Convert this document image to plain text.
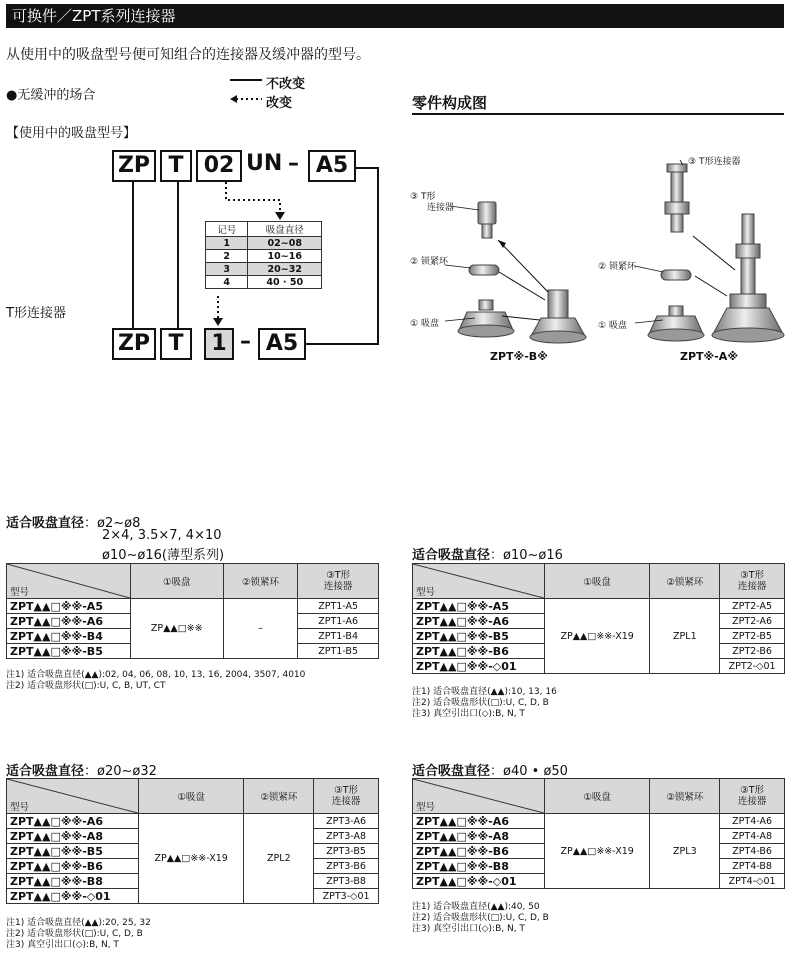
可换件／ZPT系列连接器
从使用中的吸盘型号便可知组合的连接器及缓冲器的型号。
●无缓冲的场合
不改变
改变	零件构成图
【使用中的吸盘型号】
ZP T 02 UN – A5
记号	吸盘直径
1	02~08
2	10~16
3	20~32
4	40 · 50
T形连接器
ZP T	1 – A5
③ T形
连接器
② 锁紧环
① 吸盘
ZPT※-B※
③ T形连接器
② 锁紧环
① 吸盘
ZPT※-A※
适合吸盘直径：ø2~ø8
2×4, 3.5×7, 4×10
ø10~ø16(薄型系列)
型号	①吸盘	②锁紧环	③T形
连接器
ZPT▲▲□※※-A5	ZP▲▲□※※	–	ZPT1-A5
ZPT▲▲□※※-A6			ZPT1-A6
ZPT▲▲□※※-B4			ZPT1-B4
ZPT▲▲□※※-B5			ZPT1-B5
注1) 适合吸盘直径(▲▲):02, 04, 06, 08, 10, 13, 16, 2004, 3507, 4010
注2) 适合吸盘形状(□):U, C, B, UT, CT
适合吸盘直径：ø10~ø16
型号	①吸盘	②锁紧环	③T形
连接器
ZPT▲▲□※※-A5	ZP▲▲□※※-X19	ZPL1	ZPT2-A5
ZPT▲▲□※※-A6			ZPT2-A6
ZPT▲▲□※※-B5			ZPT2-B5
ZPT▲▲□※※-B6			ZPT2-B6
ZPT▲▲□※※-◇01			ZPT2-◇01
注1) 适合吸盘直径(▲▲):10, 13, 16
注2) 适合吸盘形状(□):U, C, D, B
注3) 真空引出口(◇):B, N, T
适合吸盘直径：ø20~ø32
型号	①吸盘	②锁紧环	③T形
连接器
ZPT▲▲□※※-A6	ZP▲▲□※※-X19	ZPL2	ZPT3-A6
ZPT▲▲□※※-A8			ZPT3-A8
ZPT▲▲□※※-B5			ZPT3-B5
ZPT▲▲□※※-B6			ZPT3-B6
ZPT▲▲□※※-B8			ZPT3-B8
ZPT▲▲□※※-◇01			ZPT3-◇01
注1) 适合吸盘直径(▲▲):20, 25, 32
注2) 适合吸盘形状(□):U, C, D, B
注3) 真空引出口(◇):B, N, T
适合吸盘直径：ø40 • ø50
型号	①吸盘	②锁紧环	③T形
连接器
ZPT▲▲□※※-A6	ZP▲▲□※※-X19	ZPL3	ZPT4-A6
ZPT▲▲□※※-A8			ZPT4-A8
ZPT▲▲□※※-B6			ZPT4-B6
ZPT▲▲□※※-B8			ZPT4-B8
ZPT▲▲□※※-◇01			ZPT4-◇01
注1) 适合吸盘直径(▲▲):40, 50
注2) 适合吸盘形状(□):U, C, D, B
注3) 真空引出口(◇):B, N, T
